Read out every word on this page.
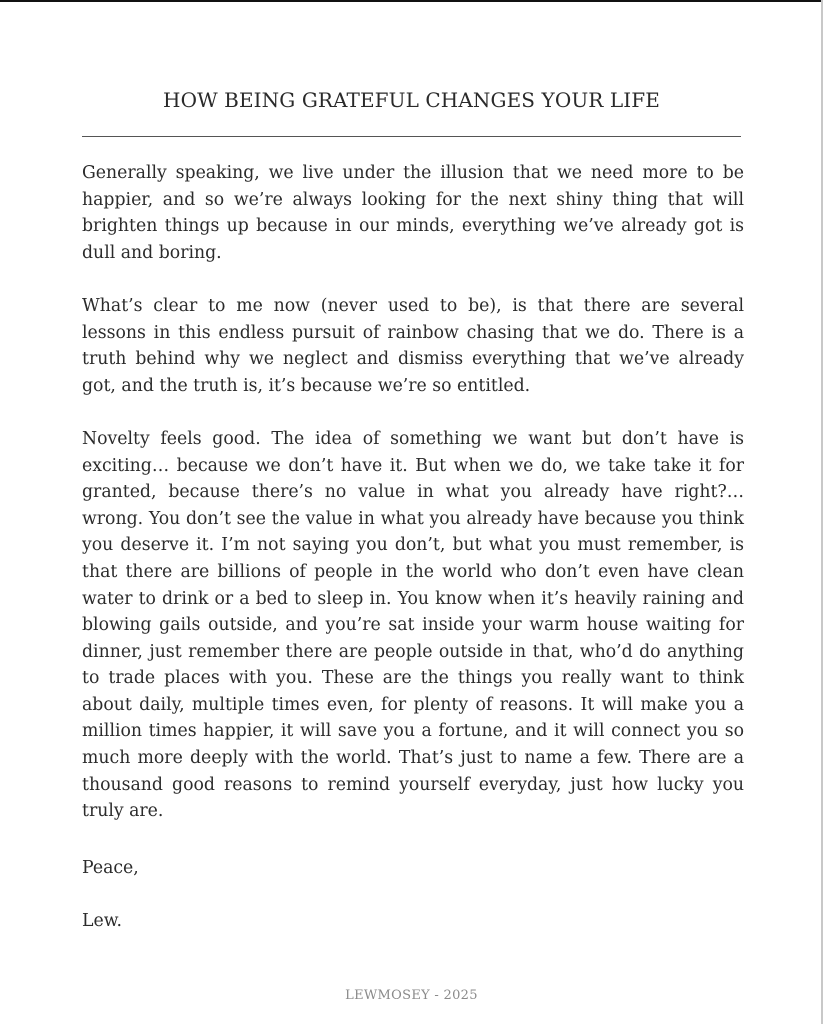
HOW BEING GRATEFUL CHANGES YOUR LIFE

Generally speaking, we live under the illusion that we need more to be happier, and so we’re always looking for the next shiny thing that will brighten things up because in our minds, everything we’ve already got is dull and boring.

What’s clear to me now (never used to be), is that there are several lessons in this endless pursuit of rainbow chasing that we do. There is a truth behind why we neglect and dismiss everything that we’ve already got, and the truth is, it’s because we’re so entitled.

Novelty feels good. The idea of something we want but don’t have is exciting… because we don’t have it. But when we do, we take take it for granted, because there’s no value in what you already have right?… wrong. You don’t see the value in what you already have because you think you deserve it. I’m not saying you don’t, but what you must remember, is that there are billions of people in the world who don’t even have clean water to drink or a bed to sleep in. You know when it’s heavily raining and blowing gails outside, and you’re sat inside your warm house waiting for dinner, just remember there are people outside in that, who’d do anything to trade places with you. These are the things you really want to think about daily, multiple times even, for plenty of reasons. It will make you a million times happier, it will save you a fortune, and it will connect you so much more deeply with the world. That’s just to name a few. There are a thousand good reasons to remind yourself everyday, just how lucky you truly are.

Peace,

Lew.

LEWMOSEY - 2025
